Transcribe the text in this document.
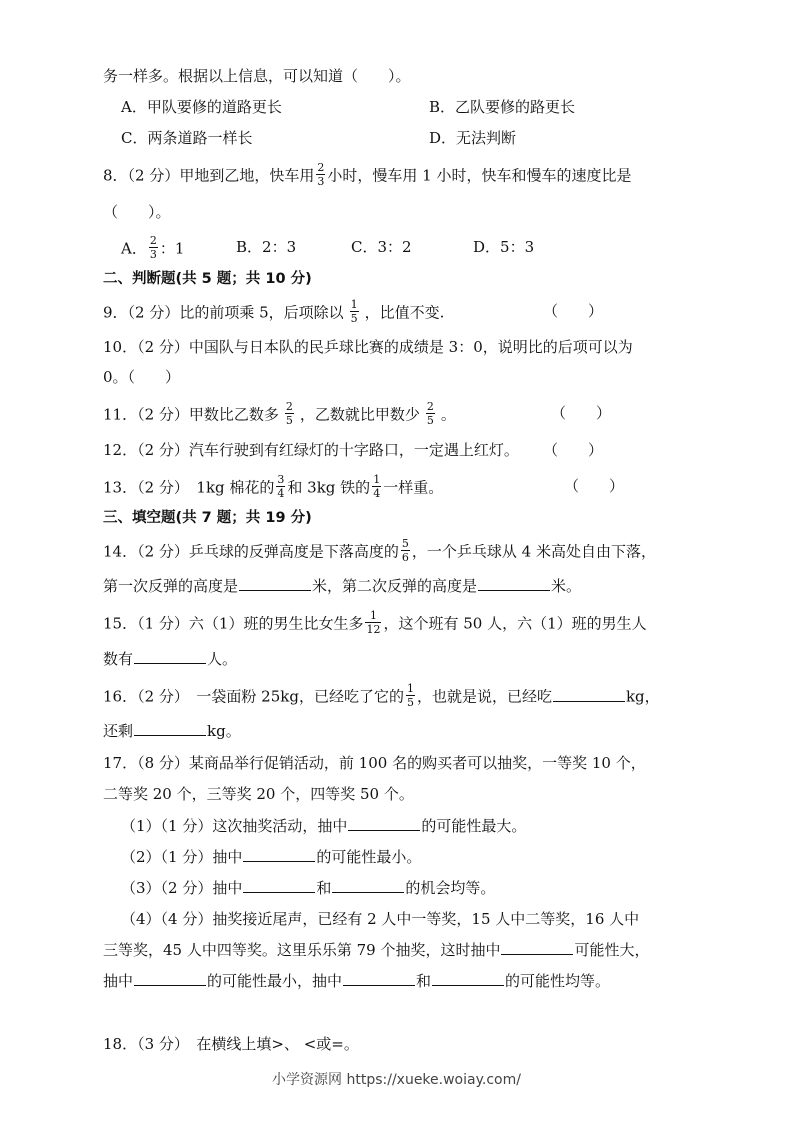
务一样多。根据以上信息，可以知道（　　）。
A．甲队要修的道路更长	B．乙队要修的路更长
C．两条道路一样长	D．无法判断
8．（2 分）甲地到乙地，快车用 $\frac{2}{3}$ 小时，慢车用 1 小时，快车和慢车的速度比是
（　　）。
A． $\frac{2}{3}$ ：1	B．2：3	C．3：2	D．5：3
二、判断题(共 5 题；共 10 分)
9．（2 分）比的前项乘 5，后项除以 $\frac{1}{5}$ ，比值不变.	（　　）
10．（2 分）中国队与日本队的民乒球比赛的成绩是 3：0，说明比的后项可以为
0。（　　）
11．（2 分）甲数比乙数多 $\frac{2}{5}$ ，乙数就比甲数少 $\frac{2}{5}$ 。	（　　）
12．（2 分）汽车行驶到有红绿灯的十字路口，一定遇上红灯。 （　　）
13．（2 分）　1kg 棉花的 $\frac{3}{4}$ 和 3kg 铁的 $\frac{1}{4}$ 一样重。	（　　）
三、填空题(共 7 题；共 19 分)
14．（2 分）乒乓球的反弹高度是下落高度的 $\frac{5}{6}$ ，一个乒乓球从 4 米高处自由下落，
第一次反弹的高度是	米，第二次反弹的高度是	米。
15．（1 分）六（1）班的男生比女生多 $\frac{1}{12}$ ，这个班有 50 人，六（1）班的男生人
数有	人。
16．（2 分）　一袋面粉 25kg，已经吃了它的 $\frac{1}{5}$ ，也就是说，已经吃	kg，
还剩	kg。
17．（8 分）某商品举行促销活动，前 100 名的购买者可以抽奖，一等奖 10 个，
二等奖 20 个，三等奖 20 个，四等奖 50 个。
（1）（1 分）这次抽奖活动，抽中	的可能性最大。
（2）（1 分）抽中	的可能性最小。
（3）（2 分）抽中	和	的机会均等。
（4）（4 分）抽奖接近尾声，已经有 2 人中一等奖，15 人中二等奖，16 人中
三等奖，45 人中四等奖。这里乐乐第 79 个抽奖，这时抽中	可能性大，
抽中	的可能性最小，抽中	和	的可能性均等。
18．（3 分）　在横线上填>、 <或=。
小学资源网 https://xueke.woiay.com/
